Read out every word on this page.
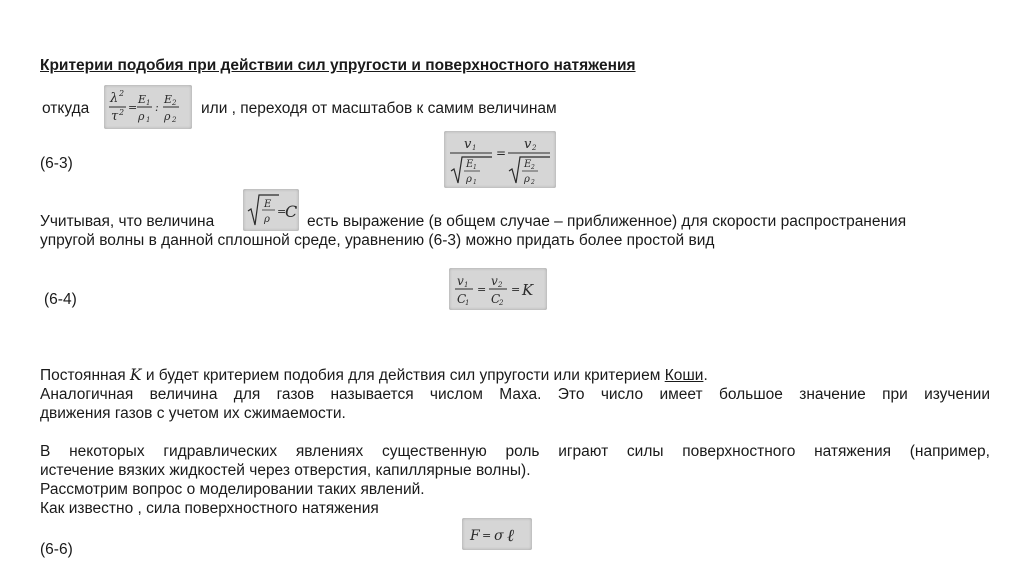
Критерии подобия при действии сил упругости и поверхностного натяжения
откуда
λ 2
τ 2 =
E 1
ρ 1
:
E 2
ρ 2
или , переходя от масштабов к самим величинам
v 1
E 1
ρ 1
=
v 2
E 2
ρ 2
(6-3)
Учитывая, что величина
E
ρ
=
C
есть выражение (в общем случае – приближенное) для скорости распространения
упругой волны в данной сплошной среде, уравнению (6-3) можно придать более простой вид
v 1
C
1
=
v 2
C
2
= K
(6-4)
Постоянная K и будет критерием подобия для действия сил упругости или критерием Коши.
Аналогичная величина для газов называется числом Маха. Это число имеет большое значение при изучении
движения газов с учетом их сжимаемости.
В некоторых гидравлических явлениях существенную роль играют силы поверхностного натяжения (например,
истечение вязких жидкостей через отверстия, капиллярные волны).
Рассмотрим вопрос о моделировании таких явлений.
Как известно , сила поверхностного натяжения
F = σ ℓ
(6-6)
